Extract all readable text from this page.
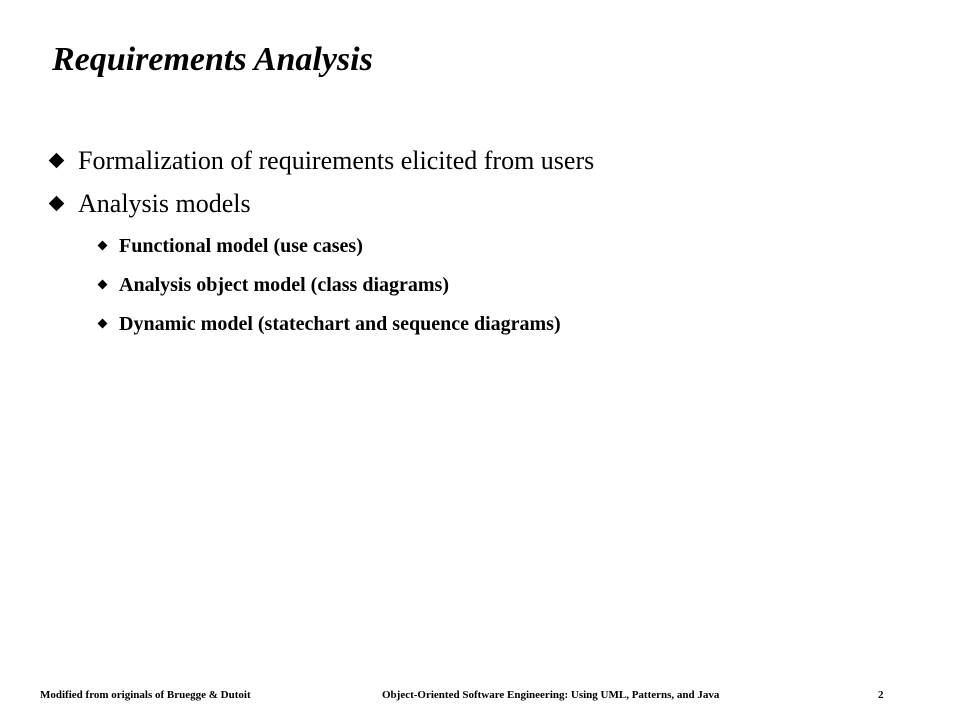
Requirements Analysis
Formalization of requirements elicited from users
Analysis models
Functional model (use cases)
Analysis object model (class diagrams)
Dynamic model (statechart and sequence diagrams)
Modified from originals of Bruegge & Dutoit	Object-Oriented Software Engineering: Using UML, Patterns, and Java	2
